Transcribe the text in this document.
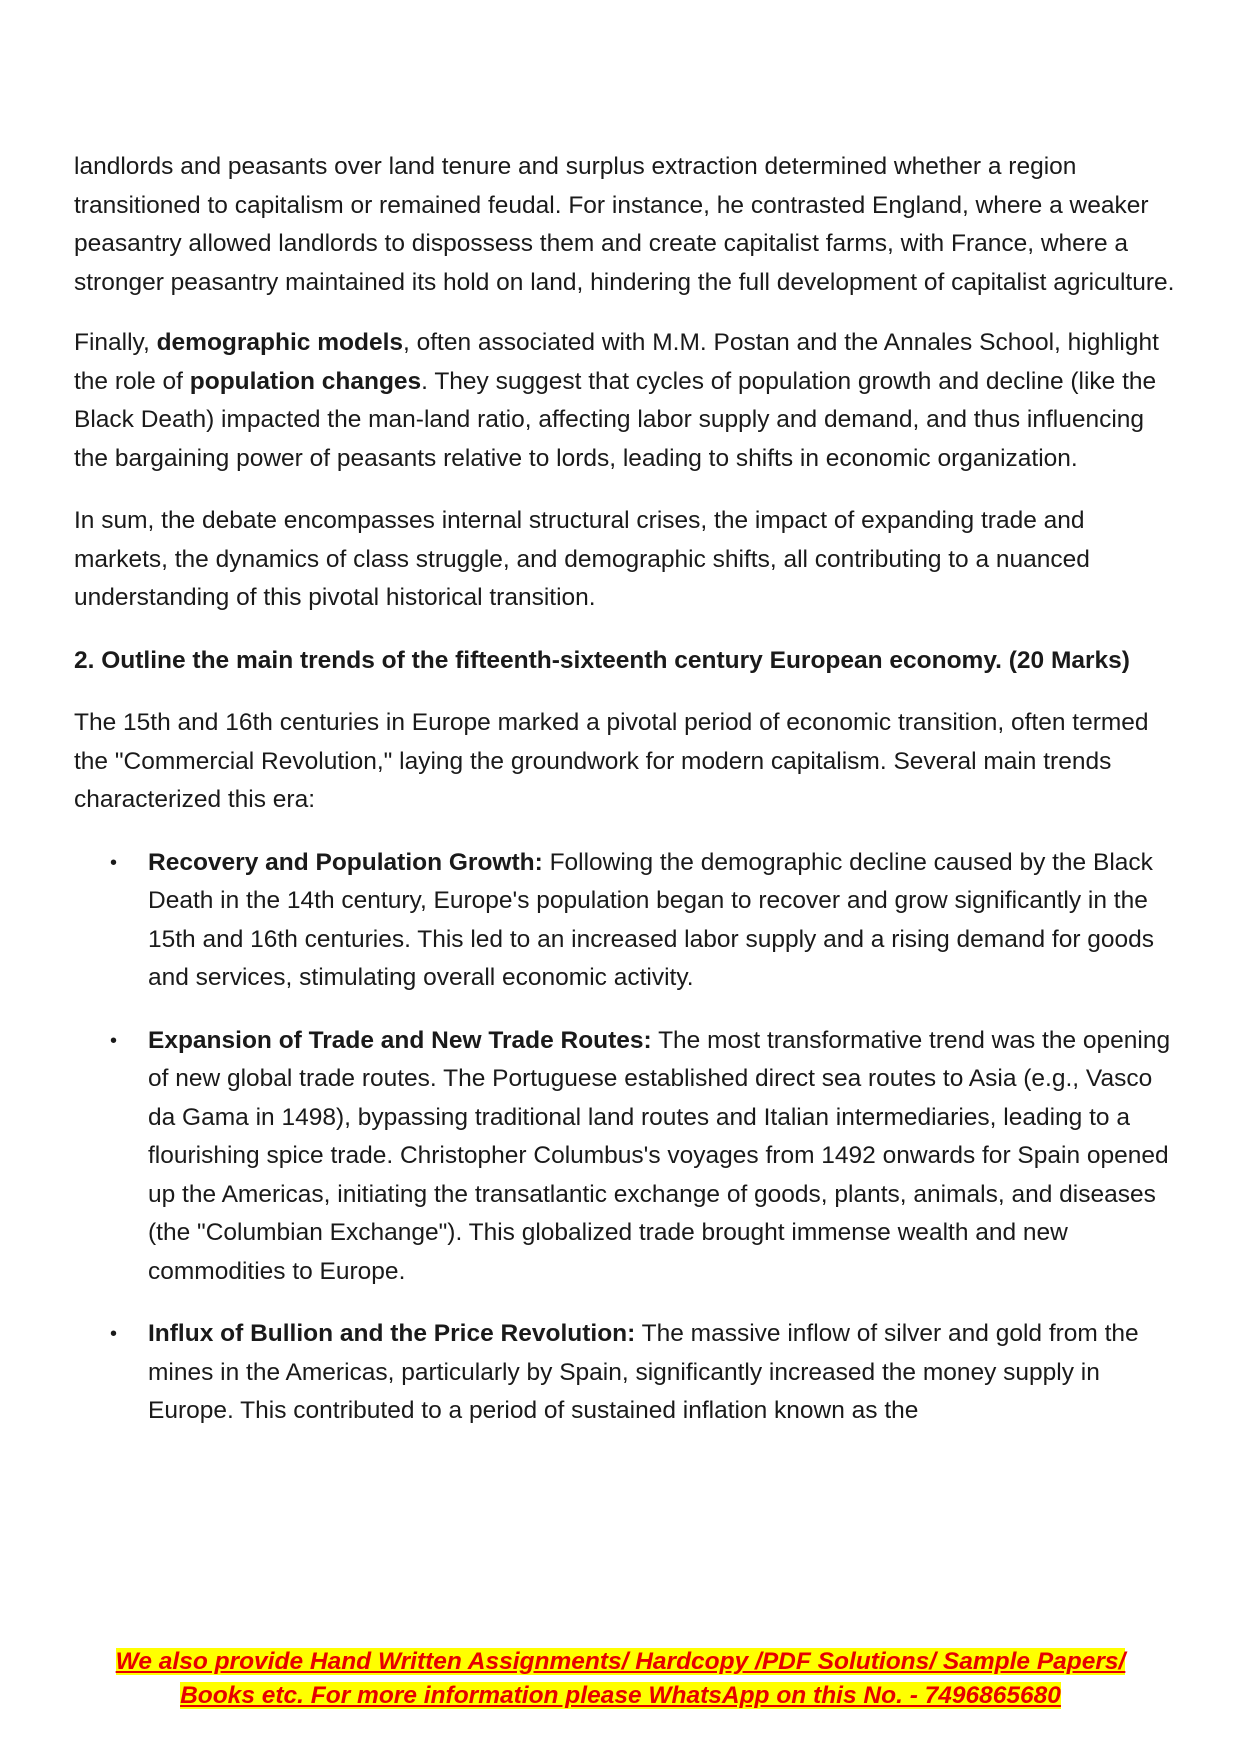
landlords and peasants over land tenure and surplus extraction determined whether a region transitioned to capitalism or remained feudal. For instance, he contrasted England, where a weaker peasantry allowed landlords to dispossess them and create capitalist farms, with France, where a stronger peasantry maintained its hold on land, hindering the full development of capitalist agriculture.

Finally, demographic models, often associated with M.M. Postan and the Annales School, highlight the role of population changes. They suggest that cycles of population growth and decline (like the Black Death) impacted the man-land ratio, affecting labor supply and demand, and thus influencing the bargaining power of peasants relative to lords, leading to shifts in economic organization.

In sum, the debate encompasses internal structural crises, the impact of expanding trade and markets, the dynamics of class struggle, and demographic shifts, all contributing to a nuanced understanding of this pivotal historical transition.

2. Outline the main trends of the fifteenth-sixteenth century European economy. (20 Marks)

The 15th and 16th centuries in Europe marked a pivotal period of economic transition, often termed the "Commercial Revolution," laying the groundwork for modern capitalism. Several main trends characterized this era:

• Recovery and Population Growth: Following the demographic decline caused by the Black Death in the 14th century, Europe's population began to recover and grow significantly in the 15th and 16th centuries. This led to an increased labor supply and a rising demand for goods and services, stimulating overall economic activity.
• Expansion of Trade and New Trade Routes: The most transformative trend was the opening of new global trade routes. The Portuguese established direct sea routes to Asia (e.g., Vasco da Gama in 1498), bypassing traditional land routes and Italian intermediaries, leading to a flourishing spice trade. Christopher Columbus's voyages from 1492 onwards for Spain opened up the Americas, initiating the transatlantic exchange of goods, plants, animals, and diseases (the "Columbian Exchange"). This globalized trade brought immense wealth and new commodities to Europe.
• Influx of Bullion and the Price Revolution: The massive inflow of silver and gold from the mines in the Americas, particularly by Spain, significantly increased the money supply in Europe. This contributed to a period of sustained inflation known as the
We also provide Hand Written Assignments/ Hardcopy /PDF Solutions/ Sample Papers/
Books etc. For more information please WhatsApp on this No. - 7496865680
